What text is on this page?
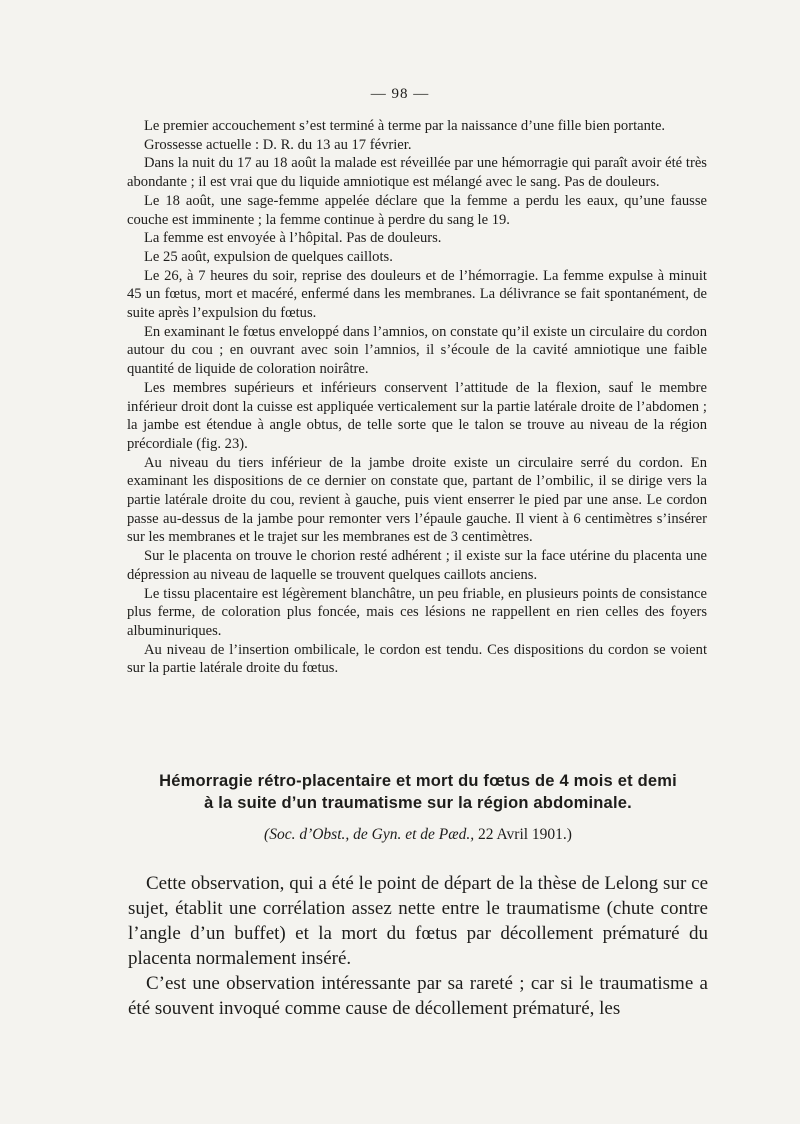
— 98 —

Le premier accouchement s’est terminé à terme par la naissance d’une fille bien portante.

Grossesse actuelle : D. R. du 13 au 17 février.

Dans la nuit du 17 au 18 août la malade est réveillée par une hémorragie qui paraît avoir été très abondante ; il est vrai que du liquide amniotique est mélangé avec le sang. Pas de douleurs.

Le 18 août, une sage-femme appelée déclare que la femme a perdu les eaux, qu’une fausse couche est imminente ; la femme continue à perdre du sang le 19.

La femme est envoyée à l’hôpital. Pas de douleurs.

Le 25 août, expulsion de quelques caillots.

Le 26, à 7 heures du soir, reprise des douleurs et de l’hémorragie. La femme expulse à minuit 45 un fœtus, mort et macéré, enfermé dans les membranes. La délivrance se fait spontanément, de suite après l’expulsion du fœtus.

En examinant le fœtus enveloppé dans l’amnios, on constate qu’il existe un circulaire du cordon autour du cou ; en ouvrant avec soin l’amnios, il s’écoule de la cavité amniotique une faible quantité de liquide de coloration noirâtre.

Les membres supérieurs et inférieurs conservent l’attitude de la flexion, sauf le membre inférieur droit dont la cuisse est appliquée verticalement sur la partie latérale droite de l’abdomen ; la jambe est étendue à angle obtus, de telle sorte que le talon se trouve au niveau de la région précordiale (fig. 23).

Au niveau du tiers inférieur de la jambe droite existe un circulaire serré du cordon. En examinant les dispositions de ce dernier on constate que, partant de l’ombilic, il se dirige vers la partie latérale droite du cou, revient à gauche, puis vient enserrer le pied par une anse. Le cordon passe au-dessus de la jambe pour remonter vers l’épaule gauche. Il vient à 6 centimètres s’insérer sur les membranes et le trajet sur les membranes est de 3 centimètres.

Sur le placenta on trouve le chorion resté adhérent ; il existe sur la face utérine du placenta une dépression au niveau de laquelle se trouvent quelques caillots anciens.

Le tissu placentaire est légèrement blanchâtre, un peu friable, en plusieurs points de consistance plus ferme, de coloration plus foncée, mais ces lésions ne rappellent en rien celles des foyers albuminuriques.

Au niveau de l’insertion ombilicale, le cordon est tendu. Ces dispositions du cordon se voient sur la partie latérale droite du fœtus.

Hémorragie rétro-placentaire et mort du fœtus de 4 mois et demi
à la suite d’un traumatisme sur la région abdominale.
(Soc. d’Obst., de Gyn. et de Pæd., 22 Avril 1901.)

Cette observation, qui a été le point de départ de la thèse de Lelong sur ce sujet, établit une corrélation assez nette entre le traumatisme (chute contre l’angle d’un buffet) et la mort du fœtus par décollement prématuré du placenta normalement inséré.

C’est une observation intéressante par sa rareté ; car si le traumatisme a été souvent invoqué comme cause de décollement prématuré, les
